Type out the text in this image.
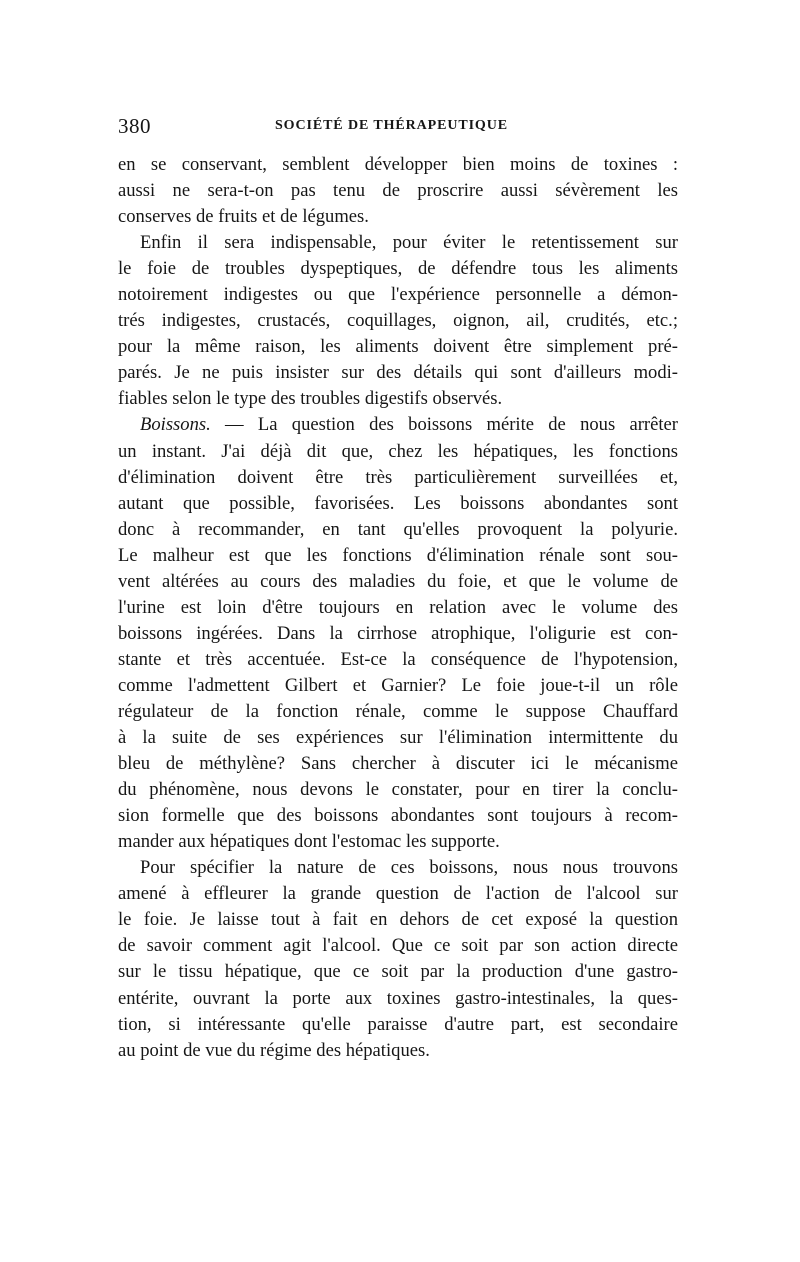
380	SOCIÉTÉ DE THÉRAPEUTIQUE
en se conservant, semblent développer bien moins de toxines :
aussi ne sera-t-on pas tenu de proscrire aussi sévèrement les
conserves de fruits et de légumes.
Enfin il sera indispensable, pour éviter le retentissement sur
le foie de troubles dyspeptiques, de défendre tous les aliments
notoirement indigestes ou que l'expérience personnelle a démon-
trés indigestes, crustacés, coquillages, oignon, ail, crudités, etc.;
pour la même raison, les aliments doivent être simplement pré-
parés. Je ne puis insister sur des détails qui sont d'ailleurs modi-
fiables selon le type des troubles digestifs observés.
Boissons. — La question des boissons mérite de nous arrêter
un instant. J'ai déjà dit que, chez les hépatiques, les fonctions
d'élimination doivent être très particulièrement surveillées et,
autant que possible, favorisées. Les boissons abondantes sont
donc à recommander, en tant qu'elles provoquent la polyurie.
Le malheur est que les fonctions d'élimination rénale sont sou-
vent altérées au cours des maladies du foie, et que le volume de
l'urine est loin d'être toujours en relation avec le volume des
boissons ingérées. Dans la cirrhose atrophique, l'oligurie est con-
stante et très accentuée. Est-ce la conséquence de l'hypotension,
comme l'admettent Gilbert et Garnier? Le foie joue-t-il un rôle
régulateur de la fonction rénale, comme le suppose Chauffard
à la suite de ses expériences sur l'élimination intermittente du
bleu de méthylène? Sans chercher à discuter ici le mécanisme
du phénomène, nous devons le constater, pour en tirer la conclu-
sion formelle que des boissons abondantes sont toujours à recom-
mander aux hépatiques dont l'estomac les supporte.
Pour spécifier la nature de ces boissons, nous nous trouvons
amené à effleurer la grande question de l'action de l'alcool sur
le foie. Je laisse tout à fait en dehors de cet exposé la question
de savoir comment agit l'alcool. Que ce soit par son action directe
sur le tissu hépatique, que ce soit par la production d'une gastro-
entérite, ouvrant la porte aux toxines gastro-intestinales, la ques-
tion, si intéressante qu'elle paraisse d'autre part, est secondaire
au point de vue du régime des hépatiques.
